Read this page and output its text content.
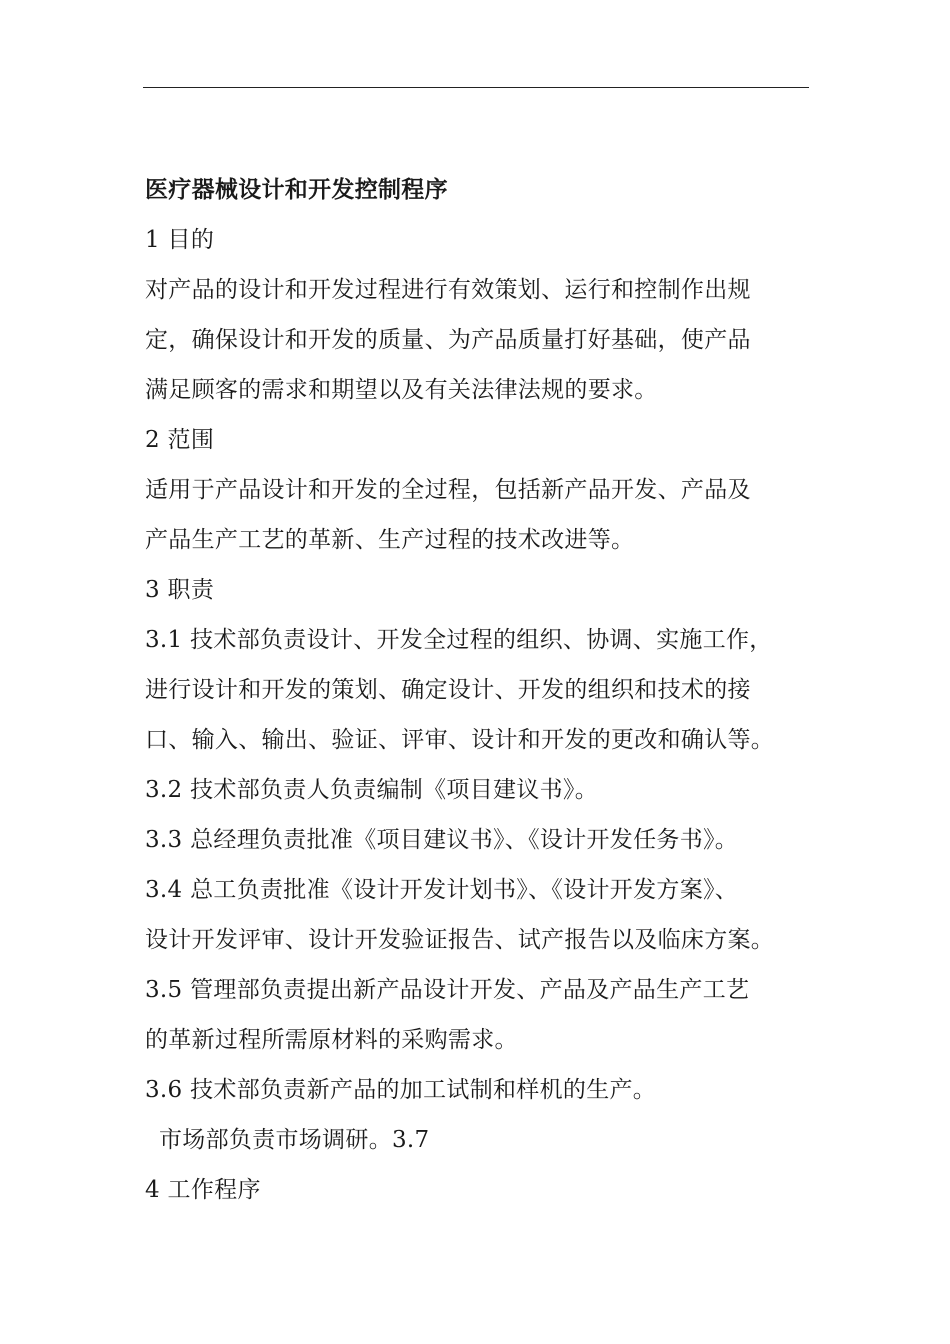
医疗器械设计和开发控制程序
1 目的
对产品的设计和开发过程进行有效策划、运行和控制作出规
定，确保设计和开发的质量、为产品质量打好基础，使产品
满足顾客的需求和期望以及有关法律法规的要求。
2 范围
适用于产品设计和开发的全过程，包括新产品开发、产品及
产品生产工艺的革新、生产过程的技术改进等。
3 职责
3.1 技术部负责设计、开发全过程的组织、协调、实施工作，
进行设计和开发的策划、确定设计、开发的组织和技术的接
口、输入、输出、验证、评审、设计和开发的更改和确认等。
3.2 技术部负责人负责编制《项目建议书》。
3.3 总经理负责批准《项目建议书》、《设计开发任务书》。
3.4 总工负责批准《设计开发计划书》、《设计开发方案》、
设计开发评审、设计开发验证报告、试产报告以及临床方案。
3.5 管理部负责提出新产品设计开发、产品及产品生产工艺
的革新过程所需原材料的采购需求。
3.6 技术部负责新产品的加工试制和样机的生产。
市场部负责市场调研。3.7
4 工作程序
